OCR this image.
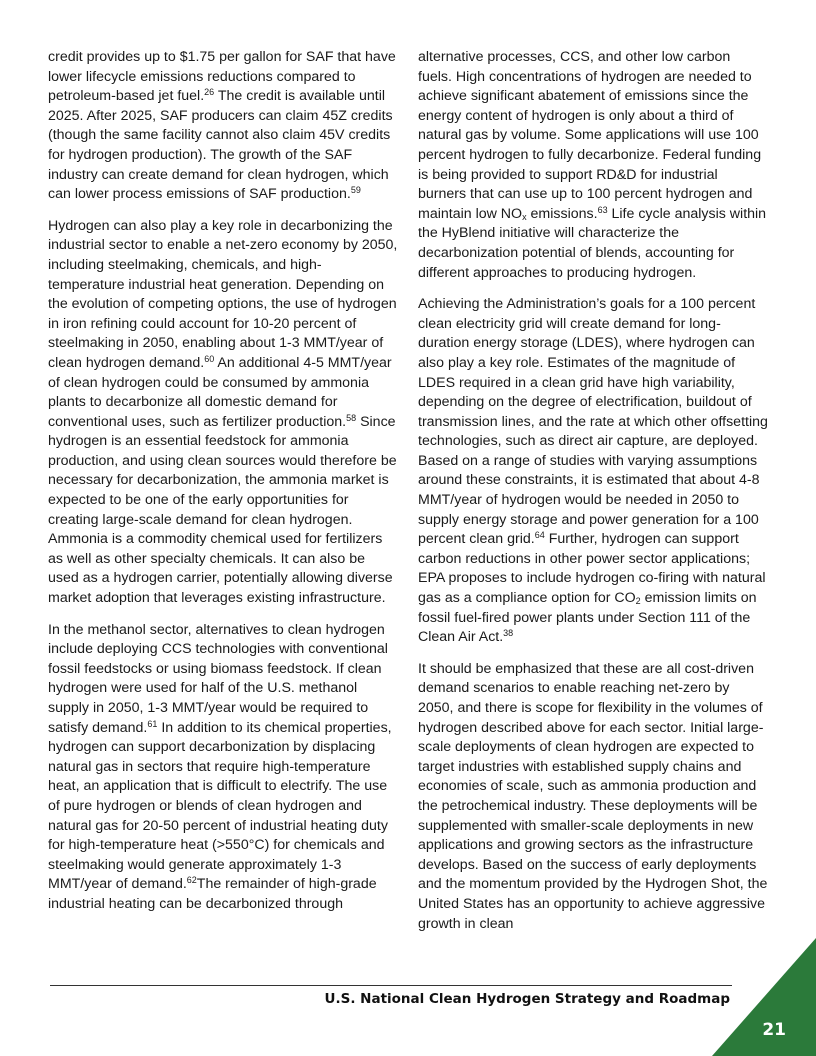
credit provides up to $1.75 per gallon for SAF that have lower lifecycle emissions reductions compared to petroleum-based jet fuel.$^{26}$ The credit is available until 2025. After 2025, SAF producers can claim 45Z credits (though the same facility cannot also claim 45V credits for hydrogen production). The growth of the SAF industry can create demand for clean hydrogen, which can lower process emissions of SAF production.$^{59}$

Hydrogen can also play a key role in decarbonizing the industrial sector to enable a net-zero economy by 2050, including steelmaking, chemicals, and high-temperature industrial heat generation. Depending on the evolution of competing options, the use of hydrogen in iron refining could account for 10-20 percent of steelmaking in 2050, enabling about 1-3 MMT/year of clean hydrogen demand.$^{60}$ An additional 4-5 MMT/year of clean hydrogen could be consumed by ammonia plants to decarbonize all domestic demand for conventional uses, such as fertilizer production.$^{58}$ Since hydrogen is an essential feedstock for ammonia production, and using clean sources would therefore be necessary for decarbonization, the ammonia market is expected to be one of the early opportunities for creating large-scale demand for clean hydrogen. Ammonia is a commodity chemical used for fertilizers as well as other specialty chemicals. It can also be used as a hydrogen carrier, potentially allowing diverse market adoption that leverages existing infrastructure.

In the methanol sector, alternatives to clean hydrogen include deploying CCS technologies with conventional fossil feedstocks or using biomass feedstock. If clean hydrogen were used for half of the U.S. methanol supply in 2050, 1-3 MMT/year would be required to satisfy demand.$^{61}$ In addition to its chemical properties, hydrogen can support decarbonization by displacing natural gas in sectors that require high-temperature heat, an application that is difficult to electrify. The use of pure hydrogen or blends of clean hydrogen and natural gas for 20-50 percent of industrial heating duty for high-temperature heat (>550°C) for chemicals and steelmaking would generate approximately 1-3 MMT/year of demand.$^{62}$The remainder of high-grade industrial heating can be decarbonized through

alternative processes, CCS, and other low carbon fuels. High concentrations of hydrogen are needed to achieve significant abatement of emissions since the energy content of hydrogen is only about a third of natural gas by volume. Some applications will use 100 percent hydrogen to fully decarbonize. Federal funding is being provided to support RD&D for industrial burners that can use up to 100 percent hydrogen and maintain low $NO_x$ emissions.$^{63}$ Life cycle analysis within the HyBlend initiative will characterize the decarbonization potential of blends, accounting for different approaches to producing hydrogen.

Achieving the Administration’s goals for a 100 percent clean electricity grid will create demand for long-duration energy storage (LDES), where hydrogen can also play a key role. Estimates of the magnitude of LDES required in a clean grid have high variability, depending on the degree of electrification, buildout of transmission lines, and the rate at which other offsetting technologies, such as direct air capture, are deployed. Based on a range of studies with varying assumptions around these constraints, it is estimated that about 4-8 MMT/year of hydrogen would be needed in 2050 to supply energy storage and power generation for a 100 percent clean grid.$^{64}$ Further, hydrogen can support carbon reductions in other power sector applications; EPA proposes to include hydrogen co-firing with natural gas as a compliance option for $CO_2$ emission limits on fossil fuel-fired power plants under Section 111 of the Clean Air Act.$^{38}$

It should be emphasized that these are all cost-driven demand scenarios to enable reaching net-zero by 2050, and there is scope for flexibility in the volumes of hydrogen described above for each sector. Initial large-scale deployments of clean hydrogen are expected to target industries with established supply chains and economies of scale, such as ammonia production and the petrochemical industry. These deployments will be supplemented with smaller-scale deployments in new applications and growing sectors as the infrastructure develops. Based on the success of early deployments and the momentum provided by the Hydrogen Shot, the United States has an opportunity to achieve aggressive growth in clean

U.S. National Clean Hydrogen Strategy and Roadmap
21
